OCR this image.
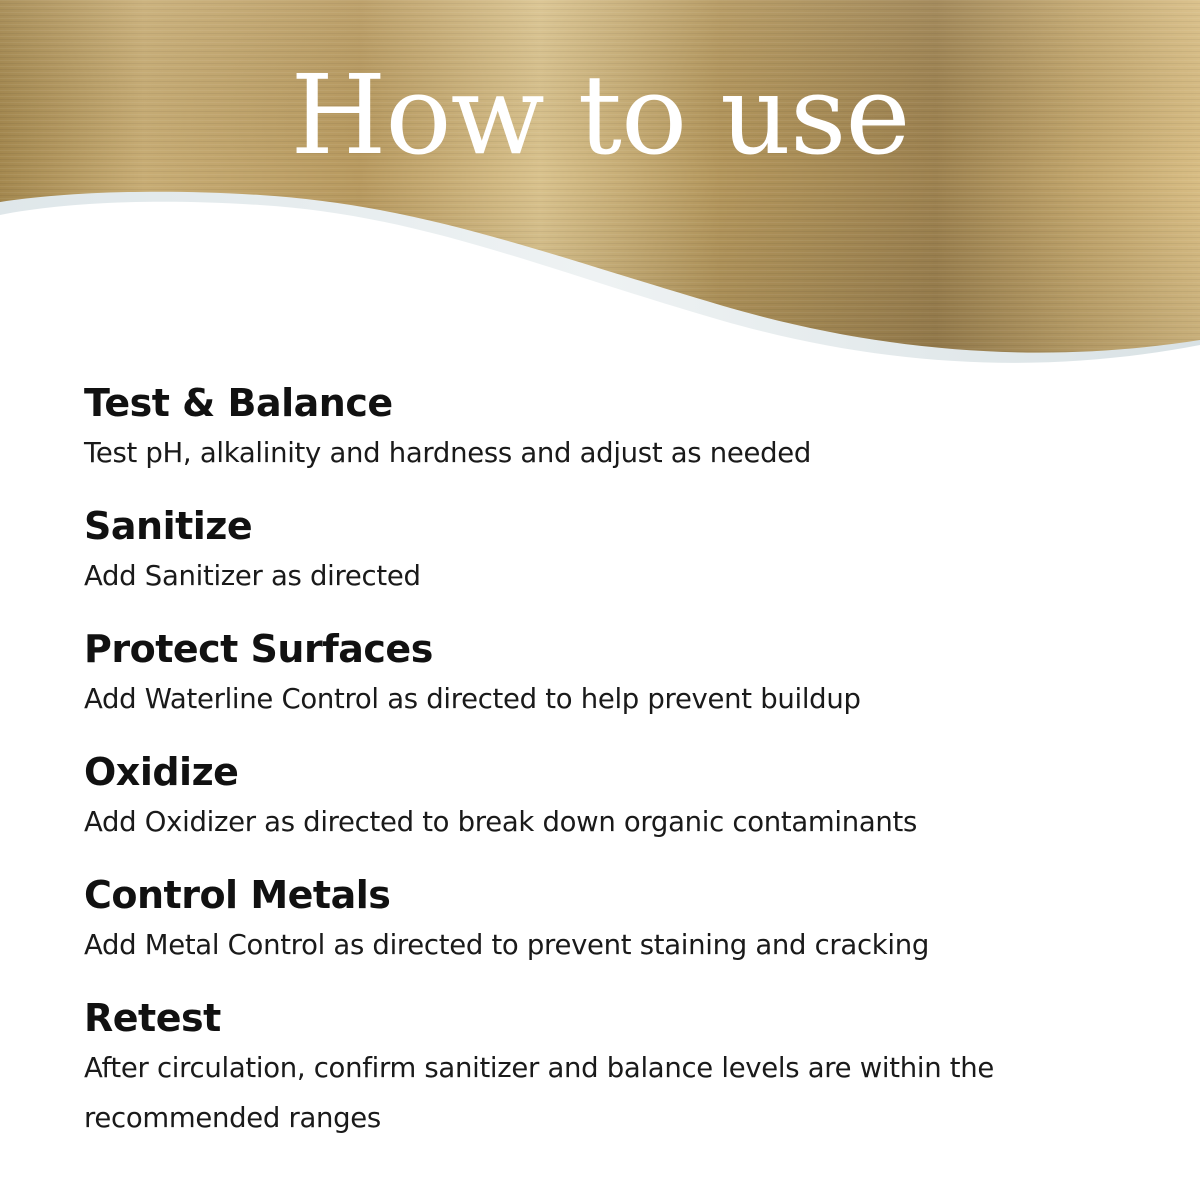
How to use
Test & Balance
Test pH, alkalinity and hardness and adjust as needed
Sanitize
Add Sanitizer as directed
Protect Surfaces
Add Waterline Control as directed to help prevent buildup
Oxidize
Add Oxidizer as directed to break down organic contaminants
Control Metals
Add Metal Control as directed to prevent staining and cracking
Retest
After circulation, confirm sanitizer and balance levels are within the recommended ranges
